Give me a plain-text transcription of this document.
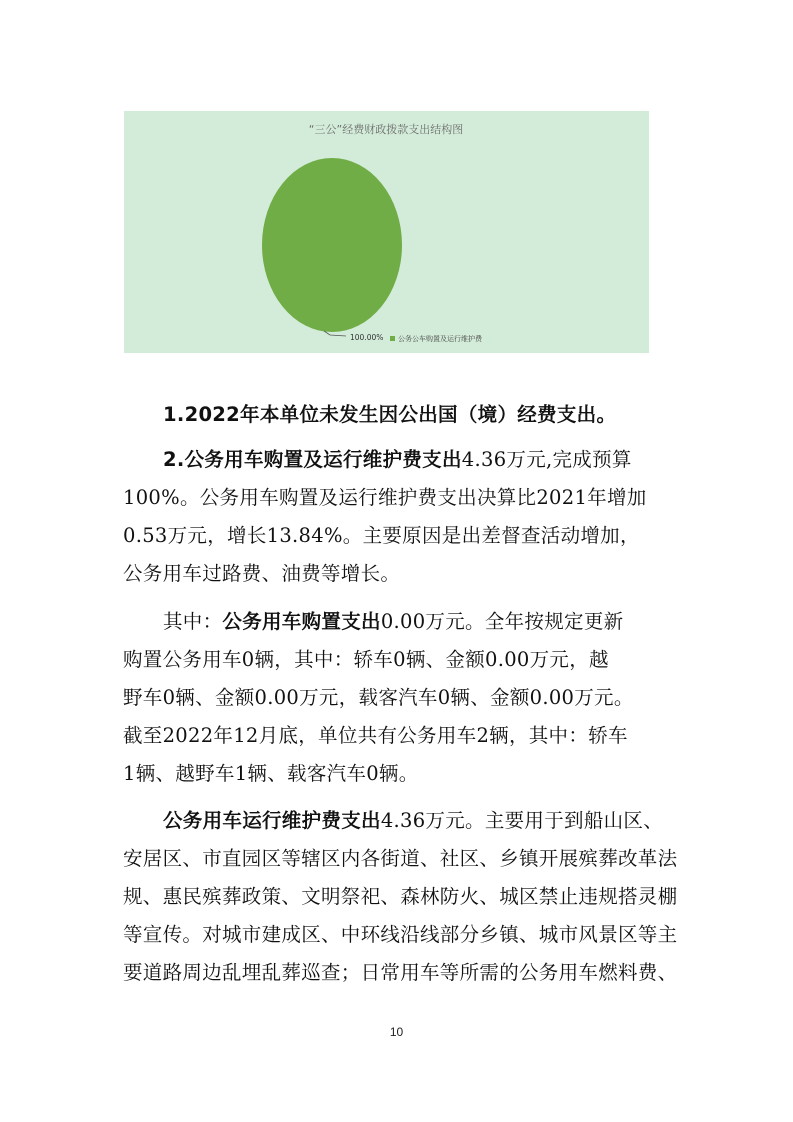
“三公”经费财政拨款支出结构图
100.00% 公务公车购置及运行维护费
1.2022年本单位未发生因公出国（境）经费支出。
2.公务用车购置及运行维护费支出4.36万元,完成预算
100%。公务用车购置及运行维护费支出决算比2021年增加
0.53万元，增长13.84%。主要原因是出差督查活动增加，
公务用车过路费、油费等增长。
其中：公务用车购置支出0.00万元。全年按规定更新
购置公务用车0辆，其中：轿车0辆、金额0.00万元，越
野车0辆、金额0.00万元，载客汽车0辆、金额0.00万元。
截至2022年12月底，单位共有公务用车2辆，其中：轿车
1辆、越野车1辆、载客汽车0辆。
公务用车运行维护费支出4.36万元。主要用于到船山区、
安居区、市直园区等辖区内各街道、社区、乡镇开展殡葬改革法
规、惠民殡葬政策、文明祭祀、森林防火、城区禁止违规搭灵棚
等宣传。对城市建成区、中环线沿线部分乡镇、城市风景区等主
要道路周边乱埋乱葬巡查；日常用车等所需的公务用车燃料费、
10
